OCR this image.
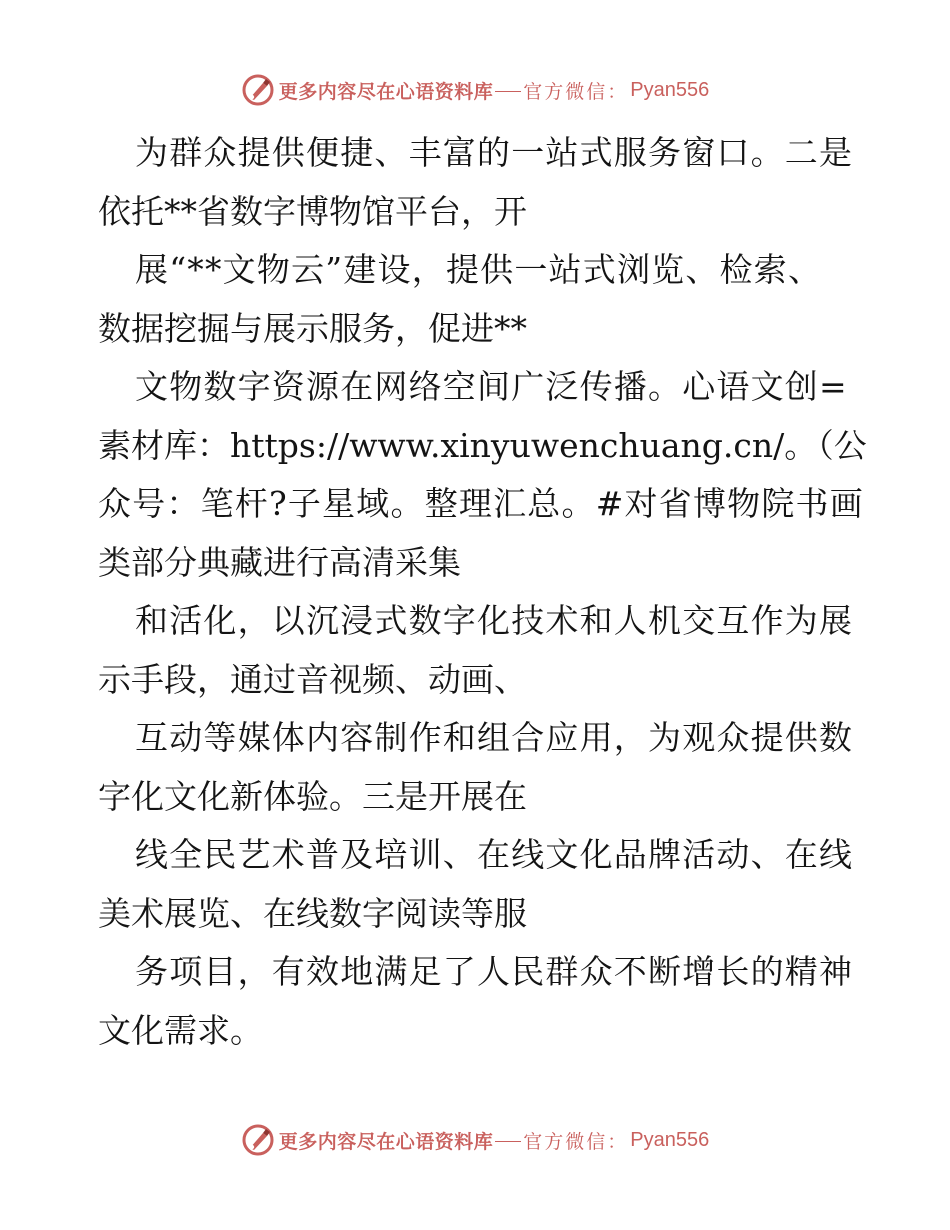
更多内容尽在心语资料库 官方微信： Pyan556
为群众提供便捷、丰富的一站式服务窗口。二是
依托**省数字博物馆平台，开
展“**文物云”建设，提供一站式浏览、检索、
数据挖掘与展示服务，促进**
文物数字资源在网络空间广泛传播。心语文创=
素材库：https://www.xinyuwenchuang.cn/。（公
众号：笔杆?子星域。整理汇总。#对省博物院书画
类部分典藏进行高清采集
和活化，以沉浸式数字化技术和人机交互作为展
示手段，通过音视频、动画、
互动等媒体内容制作和组合应用，为观众提供数
字化文化新体验。三是开展在
线全民艺术普及培训、在线文化品牌活动、在线
美术展览、在线数字阅读等服
务项目，有效地满足了人民群众不断增长的精神
文化需求。
更多内容尽在心语资料库 官方微信： Pyan556
